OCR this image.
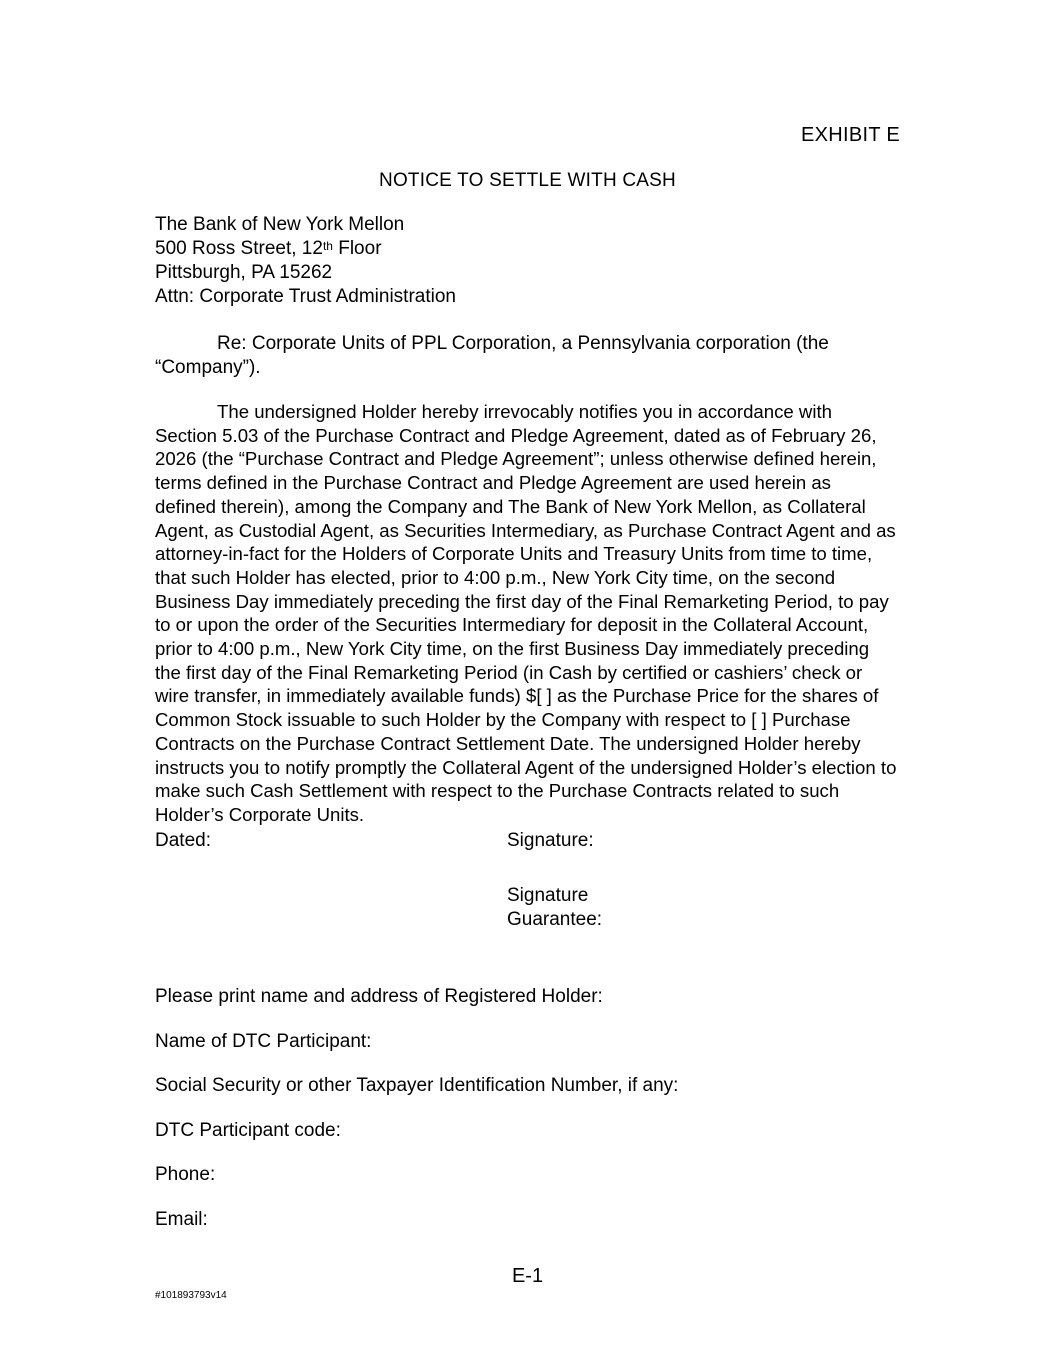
EXHIBIT E
NOTICE TO SETTLE WITH CASH
The Bank of New York Mellon
500 Ross Street, 12th Floor
Pittsburgh, PA 15262
Attn: Corporate Trust Administration
Re: Corporate Units of PPL Corporation, a Pennsylvania corporation (the “Company”).
The undersigned Holder hereby irrevocably notifies you in accordance with Section 5.03 of the Purchase Contract and Pledge Agreement, dated as of February 26, 2026 (the “Purchase Contract and Pledge Agreement”; unless otherwise defined herein, terms defined in the Purchase Contract and Pledge Agreement are used herein as defined therein), among the Company and The Bank of New York Mellon, as Collateral Agent, as Custodial Agent, as Securities Intermediary, as Purchase Contract Agent and as attorney-in-fact for the Holders of Corporate Units and Treasury Units from time to time, that such Holder has elected, prior to 4:00 p.m., New York City time, on the second Business Day immediately preceding the first day of the Final Remarketing Period, to pay to or upon the order of the Securities Intermediary for deposit in the Collateral Account, prior to 4:00 p.m., New York City time, on the first Business Day immediately preceding the first day of the Final Remarketing Period (in Cash by certified or cashiers’ check or wire transfer, in immediately available funds) $[ ] as the Purchase Price for the shares of Common Stock issuable to such Holder by the Company with respect to [ ] Purchase Contracts on the Purchase Contract Settlement Date. The undersigned Holder hereby instructs you to notify promptly the Collateral Agent of the undersigned Holder’s election to make such Cash Settlement with respect to the Purchase Contracts related to such Holder’s Corporate Units.
Dated:	Signature:
Signature
Guarantee:
Please print name and address of Registered Holder:
Name of DTC Participant:
Social Security or other Taxpayer Identification Number, if any:
DTC Participant code:
Phone:
Email:
E-1
#101893793v14
